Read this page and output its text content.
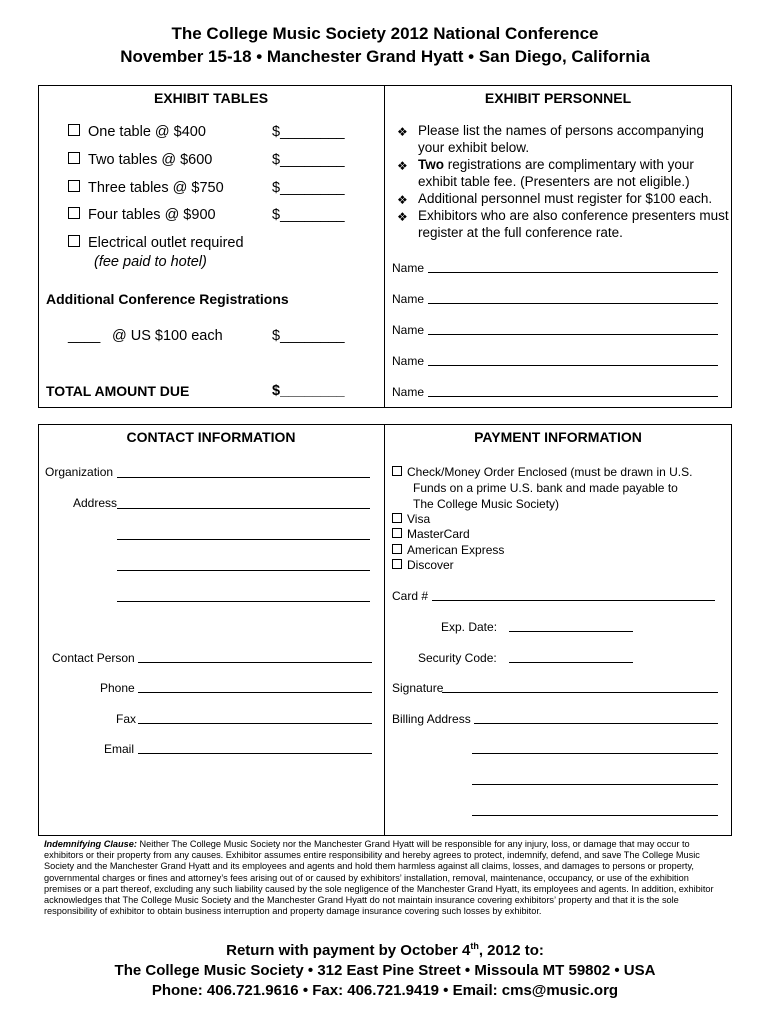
The College Music Society 2012 National Conference
November 15-18 • Manchester Grand Hyatt • San Diego, California
EXHIBIT TABLES
One table @ $400	$________
Two tables @ $600	$________
Three tables @ $750	$________
Four tables @ $900	$________
Electrical outlet required
(fee paid to hotel)
Additional Conference Registrations
____ @ US $100 each	$________
TOTAL AMOUNT DUE	$________
EXHIBIT PERSONNEL
❖ Please list the names of persons accompanying
your exhibit below.
❖ Two registrations are complimentary with your
exhibit table fee. (Presenters are not eligible.)
❖ Additional personnel must register for $100 each.
❖ Exhibitors who are also conference presenters must
register at the full conference rate.
Name
Name
Name
Name
Name
CONTACT INFORMATION
Organization
Address
Contact Person
Phone
Fax
Email
PAYMENT INFORMATION
Check/Money Order Enclosed (must be drawn in U.S.
Funds on a prime U.S. bank and made payable to
The College Music Society)
Visa
MasterCard
American Express
Discover
Card #
Exp. Date:
Security Code:
Signature
Billing Address
Indemnifying Clause: Neither The College Music Society nor the Manchester Grand Hyatt will be responsible for any injury, loss, or damage that may occur to exhibitors or their property from any causes. Exhibitor assumes entire responsibility and hereby agrees to protect, indemnify, defend, and save The College Music Society and the Manchester Grand Hyatt and its employees and agents and hold them harmless against all claims, losses, and damages to persons or property, governmental charges or fines and attorney’s fees arising out of or caused by exhibitors’ installation, removal, maintenance, occupancy, or use of the exhibition premises or a part thereof, excluding any such liability caused by the sole negligence of the Manchester Grand Hyatt, its employees and agents. In addition, exhibitor acknowledges that The College Music Society and the Manchester Grand Hyatt do not maintain insurance covering exhibitors’ property and that it is the sole responsibility of exhibitor to obtain business interruption and property damage insurance covering such losses by exhibitor.
Return with payment by October 4th, 2012 to:
The College Music Society • 312 East Pine Street • Missoula MT 59802 • USA
Phone: 406.721.9616 • Fax: 406.721.9419 • Email: cms@music.org
